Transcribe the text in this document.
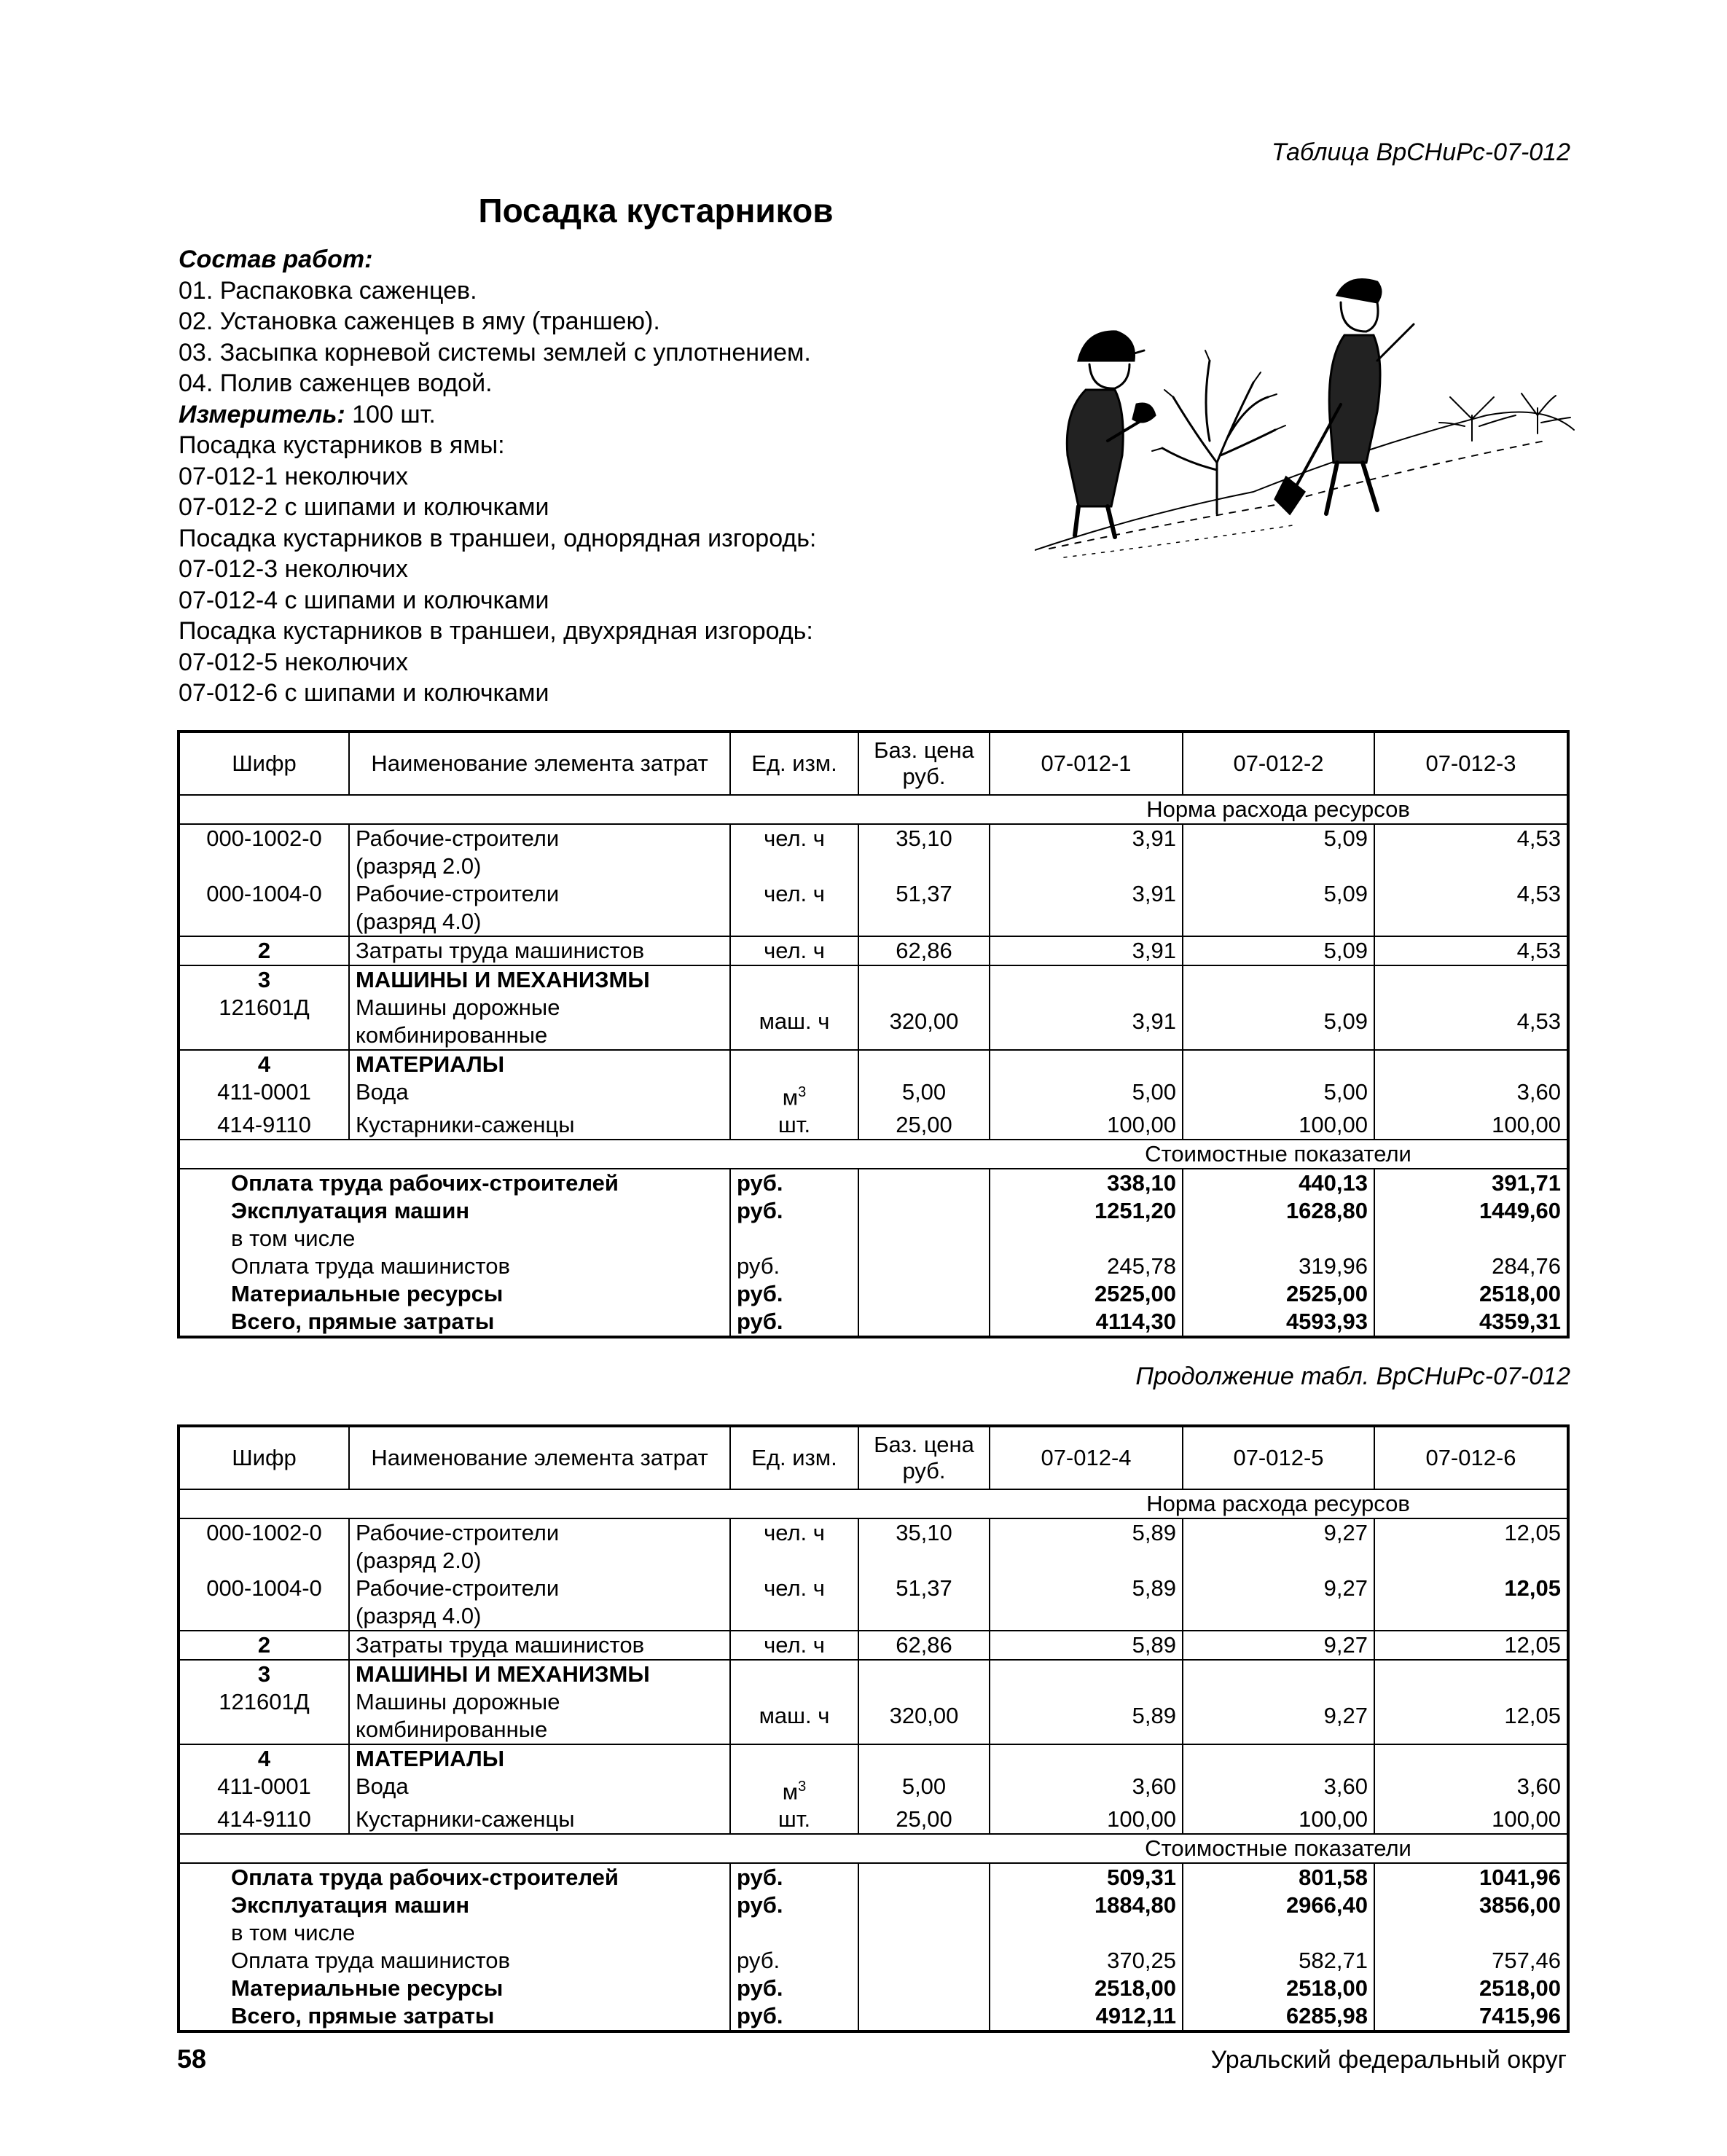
Таблица ВрСНиРс-07-012
Посадка кустарников
Состав работ:
01. Распаковка саженцев.
02. Установка саженцев в яму (траншею).
03. Засыпка корневой системы землей с уплотнением.
04. Полив саженцев водой.
Измеритель: 100 шт.
Посадка кустарников в ямы:
07-012-1 неколючих
07-012-2 с шипами и колючками
Посадка кустарников в траншеи, однорядная изгородь:
07-012-3 неколючих
07-012-4 с шипами и колючками
Посадка кустарников в траншеи, двухрядная изгородь:
07-012-5 неколючих
07-012-6 с шипами и колючками
Шифр	Наименование элемента затрат	Ед. изм.	Баз. цена руб.	07-012-1	07-012-2	07-012-3
				Норма расхода ресурсов		
000-1002-0	Рабочие-строители
(разряд 2.0)	чел. ч	35,10	3,91	5,09	4,53
000-1004-0	Рабочие-строители
(разряд 4.0)	чел. ч	51,37	3,91	5,09	4,53
2	Затраты труда машинистов	чел. ч	62,86	3,91	5,09	4,53
3	МАШИНЫ И МЕХАНИЗМЫ					
121601Д	Машины дорожные
комбинированные	маш. ч	320,00	3,91	5,09	4,53
4	МАТЕРИАЛЫ					
411-0001	Вода	$м^3$	5,00	5,00	5,00	3,60
414-9110	Кустарники-саженцы	шт.	25,00	100,00	100,00	100,00
				Стоимостные показатели		
Оплата труда рабочих-строителей		руб.		338,10	440,13	391,71
Эксплуатация машин		руб.		1251,20	1628,80	1449,60
в том числе						
Оплата труда машинистов		руб.		245,78	319,96	284,76
Материальные ресурсы		руб.		2525,00	2525,00	2518,00
Всего, прямые затраты		руб.		4114,30	4593,93	4359,31
Продолжение табл. ВрСНиРс-07-012
Шифр	Наименование элемента затрат	Ед. изм.	Баз. цена руб.	07-012-4	07-012-5	07-012-6
				Норма расхода ресурсов		
000-1002-0	Рабочие-строители
(разряд 2.0)	чел. ч	35,10	5,89	9,27	12,05
000-1004-0	Рабочие-строители
(разряд 4.0)	чел. ч	51,37	5,89	9,27	12,05
2	Затраты труда машинистов	чел. ч	62,86	5,89	9,27	12,05
3	МАШИНЫ И МЕХАНИЗМЫ					
121601Д	Машины дорожные
комбинированные	маш. ч	320,00	5,89	9,27	12,05
4	МАТЕРИАЛЫ					
411-0001	Вода	$м^3$	5,00	3,60	3,60	3,60
414-9110	Кустарники-саженцы	шт.	25,00	100,00	100,00	100,00
				Стоимостные показатели		
Оплата труда рабочих-строителей		руб.		509,31	801,58	1041,96
Эксплуатация машин		руб.		1884,80	2966,40	3856,00
в том числе						
Оплата труда машинистов		руб.		370,25	582,71	757,46
Материальные ресурсы		руб.		2518,00	2518,00	2518,00
Всего, прямые затраты		руб.		4912,11	6285,98	7415,96
58	Уральский федеральный округ
